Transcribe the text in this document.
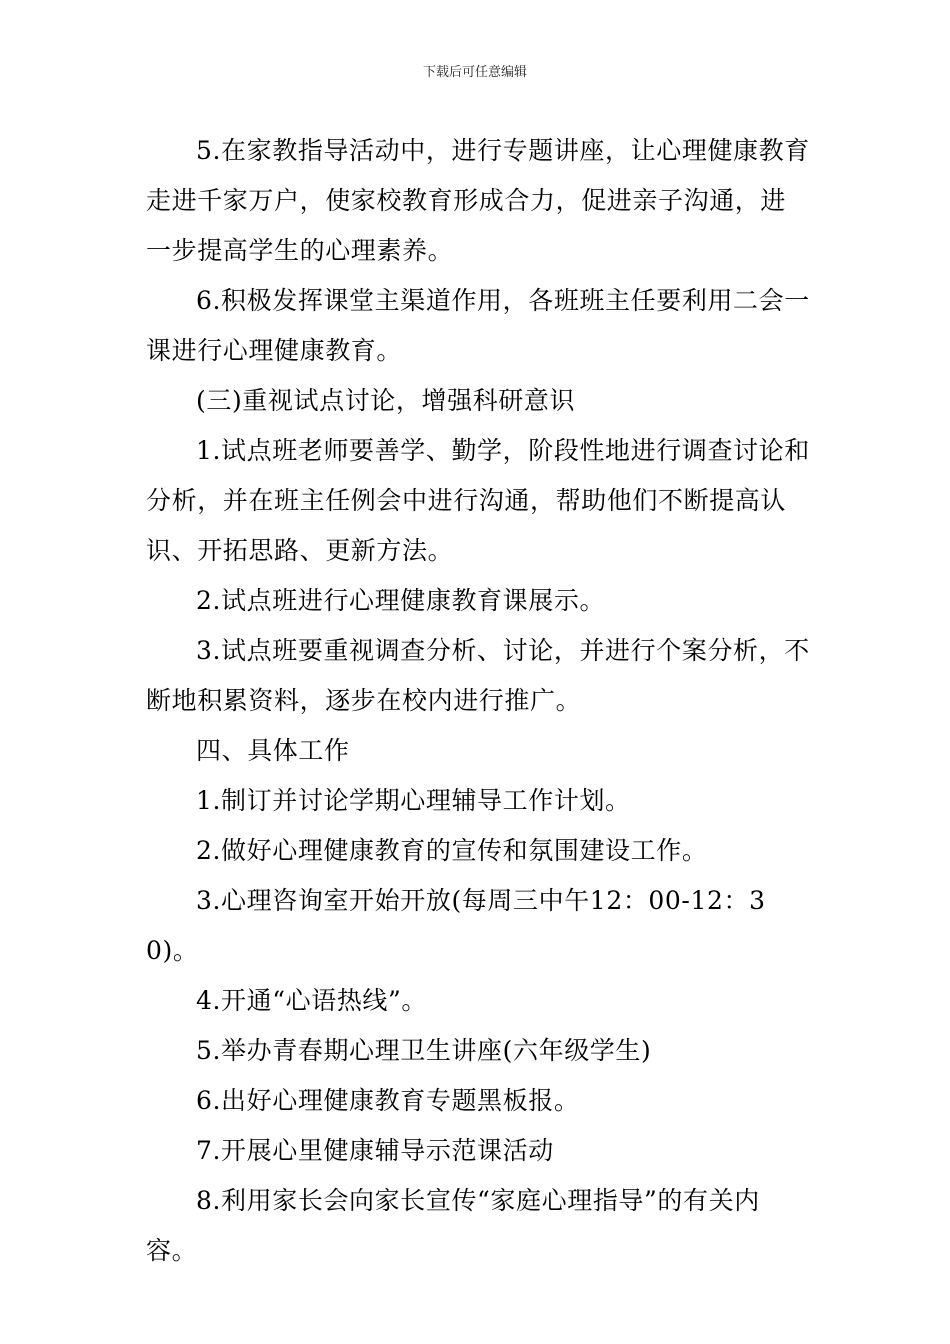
下载后可任意编辑

5.在家教指导活动中，进行专题讲座，让心理健康教育走进千家万户，使家校教育形成合力，促进亲子沟通，进一步提高学生的心理素养。

6.积极发挥课堂主渠道作用，各班班主任要利用二会一课进行心理健康教育。

(三)重视试点讨论，增强科研意识

1.试点班老师要善学、勤学，阶段性地进行调查讨论和分析，并在班主任例会中进行沟通，帮助他们不断提高认识、开拓思路、更新方法。

2.试点班进行心理健康教育课展示。

3.试点班要重视调查分析、讨论，并进行个案分析，不断地积累资料，逐步在校内进行推广。

四、具体工作

1.制订并讨论学期心理辅导工作计划。

2.做好心理健康教育的宣传和氛围建设工作。

3.心理咨询室开始开放(每周三中午12：00-12：30)。

4.开通“心语热线”。

5.举办青春期心理卫生讲座(六年级学生)

6.出好心理健康教育专题黑板报。

7.开展心里健康辅导示范课活动

8.利用家长会向家长宣传“家庭心理指导”的有关内容。
